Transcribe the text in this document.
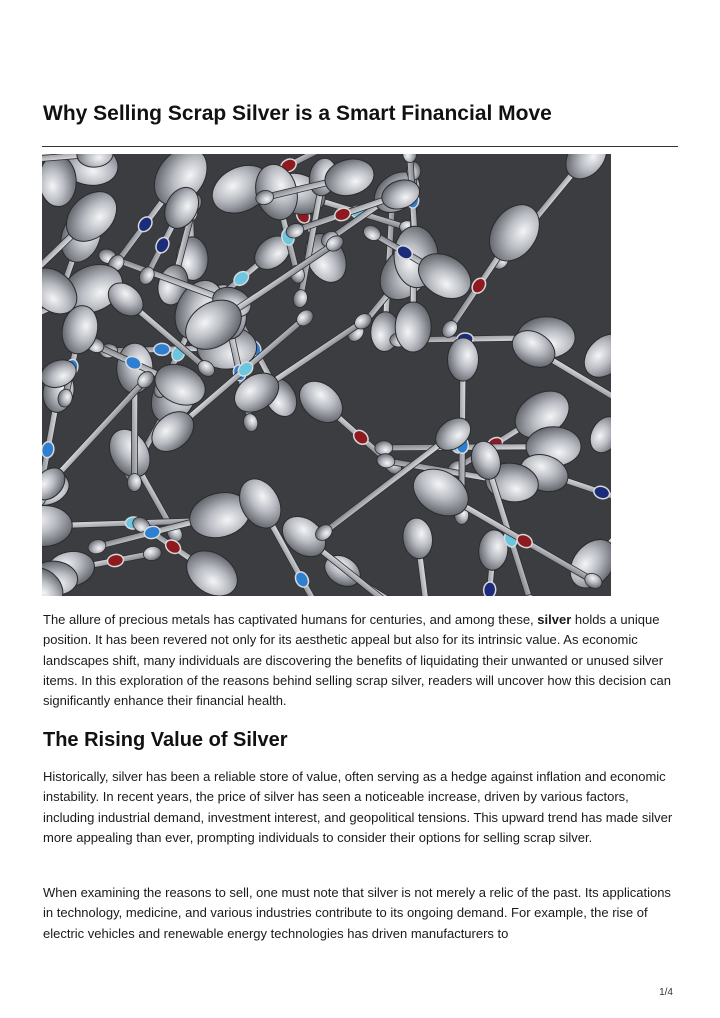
Why Selling Scrap Silver is a Smart Financial Move

The allure of precious metals has captivated humans for centuries, and among these, silver holds a unique position. It has been revered not only for its aesthetic appeal but also for its intrinsic value. As economic landscapes shift, many individuals are discovering the benefits of liquidating their unwanted or unused silver items. In this exploration of the reasons behind selling scrap silver, readers will uncover how this decision can significantly enhance their financial health.

The Rising Value of Silver

Historically, silver has been a reliable store of value, often serving as a hedge against inflation and economic instability. In recent years, the price of silver has seen a noticeable increase, driven by various factors, including industrial demand, investment interest, and geopolitical tensions. This upward trend has made silver more appealing than ever, prompting individuals to consider their options for selling scrap silver.

When examining the reasons to sell, one must note that silver is not merely a relic of the past. Its applications in technology, medicine, and various industries contribute to its ongoing demand. For example, the rise of electric vehicles and renewable energy technologies has driven manufacturers to

1/4
